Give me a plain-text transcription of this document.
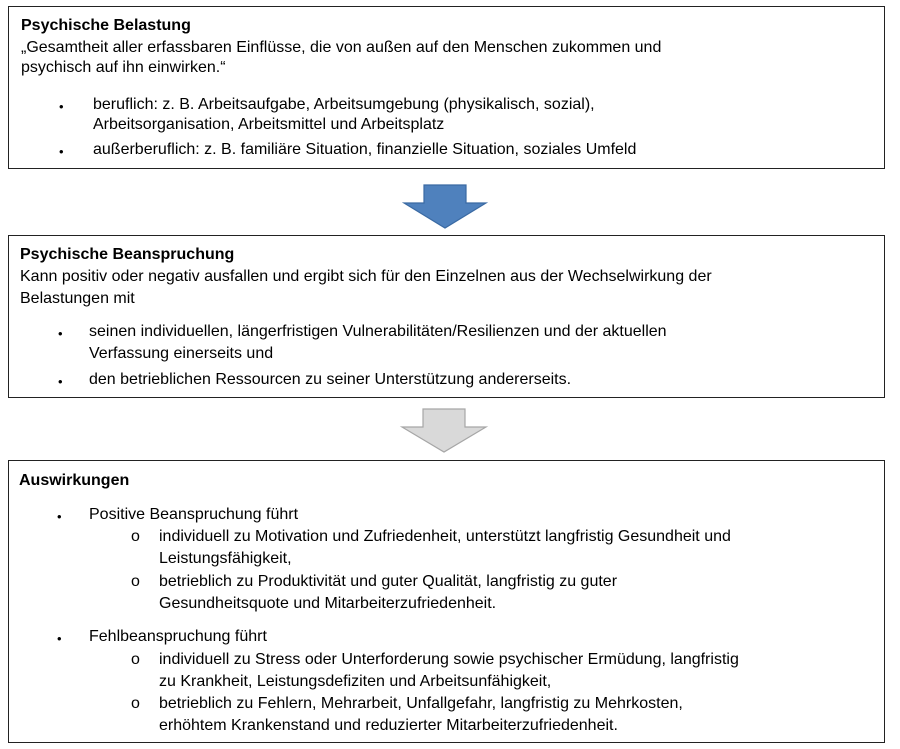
Psychische Belastung
„Gesamtheit aller erfassbaren Einflüsse, die von außen auf den Menschen zukommen und
psychisch auf ihn einwirken.“
• beruflich: z. B. Arbeitsaufgabe, Arbeitsumgebung (physikalisch, sozial),
Arbeitsorganisation, Arbeitsmittel und Arbeitsplatz
• außerberuflich: z. B. familiäre Situation, finanzielle Situation, soziales Umfeld
Psychische Beanspruchung
Kann positiv oder negativ ausfallen und ergibt sich für den Einzelnen aus der Wechselwirkung der
Belastungen mit
• seinen individuellen, längerfristigen Vulnerabilitäten/Resilienzen und der aktuellen
Verfassung einerseits und
• den betrieblichen Ressourcen zu seiner Unterstützung andererseits.
Auswirkungen
• Positive Beanspruchung führt
o individuell zu Motivation und Zufriedenheit, unterstützt langfristig Gesundheit und
Leistungsfähigkeit,
o betrieblich zu Produktivität und guter Qualität, langfristig zu guter
Gesundheitsquote und Mitarbeiterzufriedenheit.
• Fehlbeanspruchung führt
o individuell zu Stress oder Unterforderung sowie psychischer Ermüdung, langfristig
zu Krankheit, Leistungsdefiziten und Arbeitsunfähigkeit,
o betrieblich zu Fehlern, Mehrarbeit, Unfallgefahr, langfristig zu Mehrkosten,
erhöhtem Krankenstand und reduzierter Mitarbeiterzufriedenheit.
